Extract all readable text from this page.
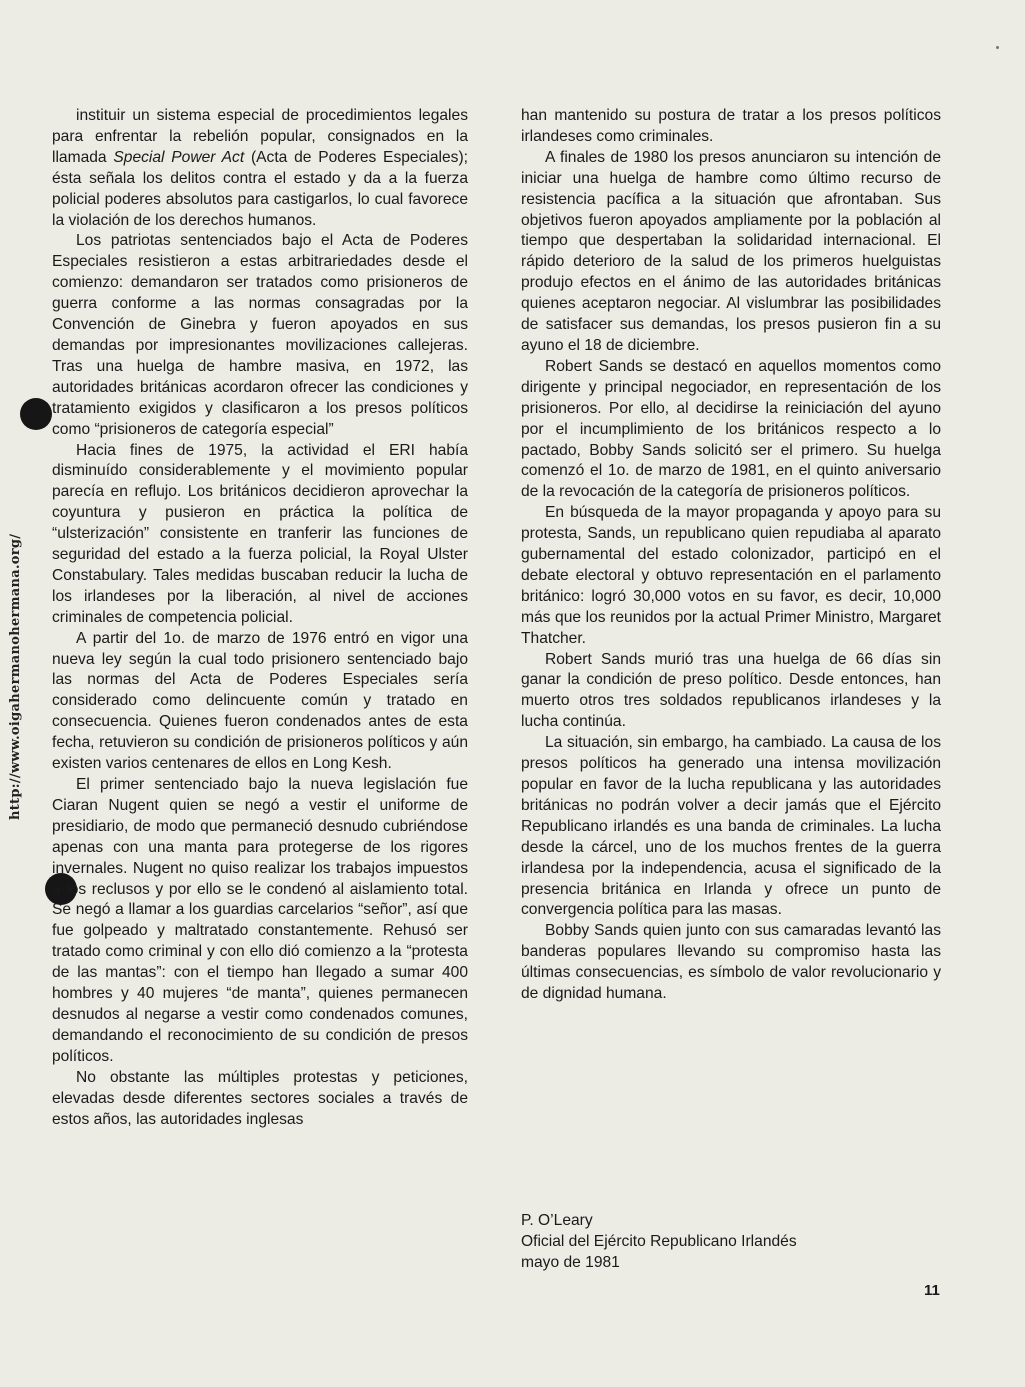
http://www.oigahermanohermana.org/

instituir un sistema especial de procedimientos legales para enfrentar la rebelión popular, consignados en la llamada Special Power Act (Acta de Poderes Especiales); ésta señala los delitos contra el estado y da a la fuerza policial poderes absolutos para castigarlos, lo cual favorece la violación de los derechos humanos.

Los patriotas sentenciados bajo el Acta de Poderes Especiales resistieron a estas arbitrariedades desde el comienzo: demandaron ser tratados como prisioneros de guerra conforme a las normas consagradas por la Convención de Ginebra y fueron apoyados en sus demandas por impresionantes movilizaciones callejeras. Tras una huelga de hambre masiva, en 1972, las autoridades británicas acordaron ofrecer las condiciones y tratamiento exigidos y clasificaron a los presos políticos como “prisioneros de categoría especial”

Hacia fines de 1975, la actividad el ERI había disminuído considerablemente y el movimiento popular parecía en reflujo. Los británicos decidieron aprovechar la coyuntura y pusieron en práctica la política de “ulsterización” consistente en tranferir las funciones de seguridad del estado a la fuerza policial, la Royal Ulster Constabulary. Tales medidas buscaban reducir la lucha de los irlandeses por la liberación, al nivel de acciones criminales de competencia policial.

A partir del 1o. de marzo de 1976 entró en vigor una nueva ley según la cual todo prisionero sentenciado bajo las normas del Acta de Poderes Especiales sería considerado como delincuente común y tratado en consecuencia. Quienes fueron condenados antes de esta fecha, retuvieron su condición de prisioneros políticos y aún existen varios centenares de ellos en Long Kesh.

El primer sentenciado bajo la nueva legislación fue Ciaran Nugent quien se negó a vestir el uniforme de presidiario, de modo que permaneció desnudo cubriéndose apenas con una manta para protegerse de los rigores invernales. Nugent no quiso realizar los trabajos impuestos a los reclusos y por ello se le condenó al aislamiento total. Se negó a llamar a los guardias carcelarios “señor”, así que fue golpeado y maltratado constantemente. Rehusó ser tratado como criminal y con ello dió comienzo a la “protesta de las mantas”: con el tiempo han llegado a sumar 400 hombres y 40 mujeres “de manta”, quienes permanecen desnudos al negarse a vestir como condenados comunes, demandando el reconocimiento de su condición de presos políticos.

No obstante las múltiples protestas y peticiones, elevadas desde diferentes sectores sociales a través de estos años, las autoridades inglesas

han mantenido su postura de tratar a los presos políticos irlandeses como criminales.

A finales de 1980 los presos anunciaron su intención de iniciar una huelga de hambre como último recurso de resistencia pacífica a la situación que afrontaban. Sus objetivos fueron apoyados ampliamente por la población al tiempo que despertaban la solidaridad internacional. El rápido deterioro de la salud de los primeros huelguistas produjo efectos en el ánimo de las autoridades británicas quienes aceptaron negociar. Al vislumbrar las posibilidades de satisfacer sus demandas, los presos pusieron fin a su ayuno el 18 de diciembre.

Robert Sands se destacó en aquellos momentos como dirigente y principal negociador, en representación de los prisioneros. Por ello, al decidirse la reiniciación del ayuno por el incumplimiento de los británicos respecto a lo pactado, Bobby Sands solicitó ser el primero. Su huelga comenzó el 1o. de marzo de 1981, en el quinto aniversario de la revocación de la categoría de prisioneros políticos.

En búsqueda de la mayor propaganda y apoyo para su protesta, Sands, un republicano quien repudiaba al aparato gubernamental del estado colonizador, participó en el debate electoral y obtuvo representación en el parlamento británico: logró 30,000 votos en su favor, es decir, 10,000 más que los reunidos por la actual Primer Ministro, Margaret Thatcher.

Robert Sands murió tras una huelga de 66 días sin ganar la condición de preso político. Desde entonces, han muerto otros tres soldados republicanos irlandeses y la lucha continúa.

La situación, sin embargo, ha cambiado. La causa de los presos políticos ha generado una intensa movilización popular en favor de la lucha republicana y las autoridades británicas no podrán volver a decir jamás que el Ejército Republicano irlandés es una banda de criminales. La lucha desde la cárcel, uno de los muchos frentes de la guerra irlandesa por la independencia, acusa el significado de la presencia británica en Irlanda y ofrece un punto de convergencia política para las masas.

Bobby Sands quien junto con sus camaradas levantó las banderas populares llevando su compromiso hasta las últimas consecuencias, es símbolo de valor revolucionario y de dignidad humana.

P. O’Leary
Oficial del Ejército Republicano Irlandés
mayo de 1981
11
